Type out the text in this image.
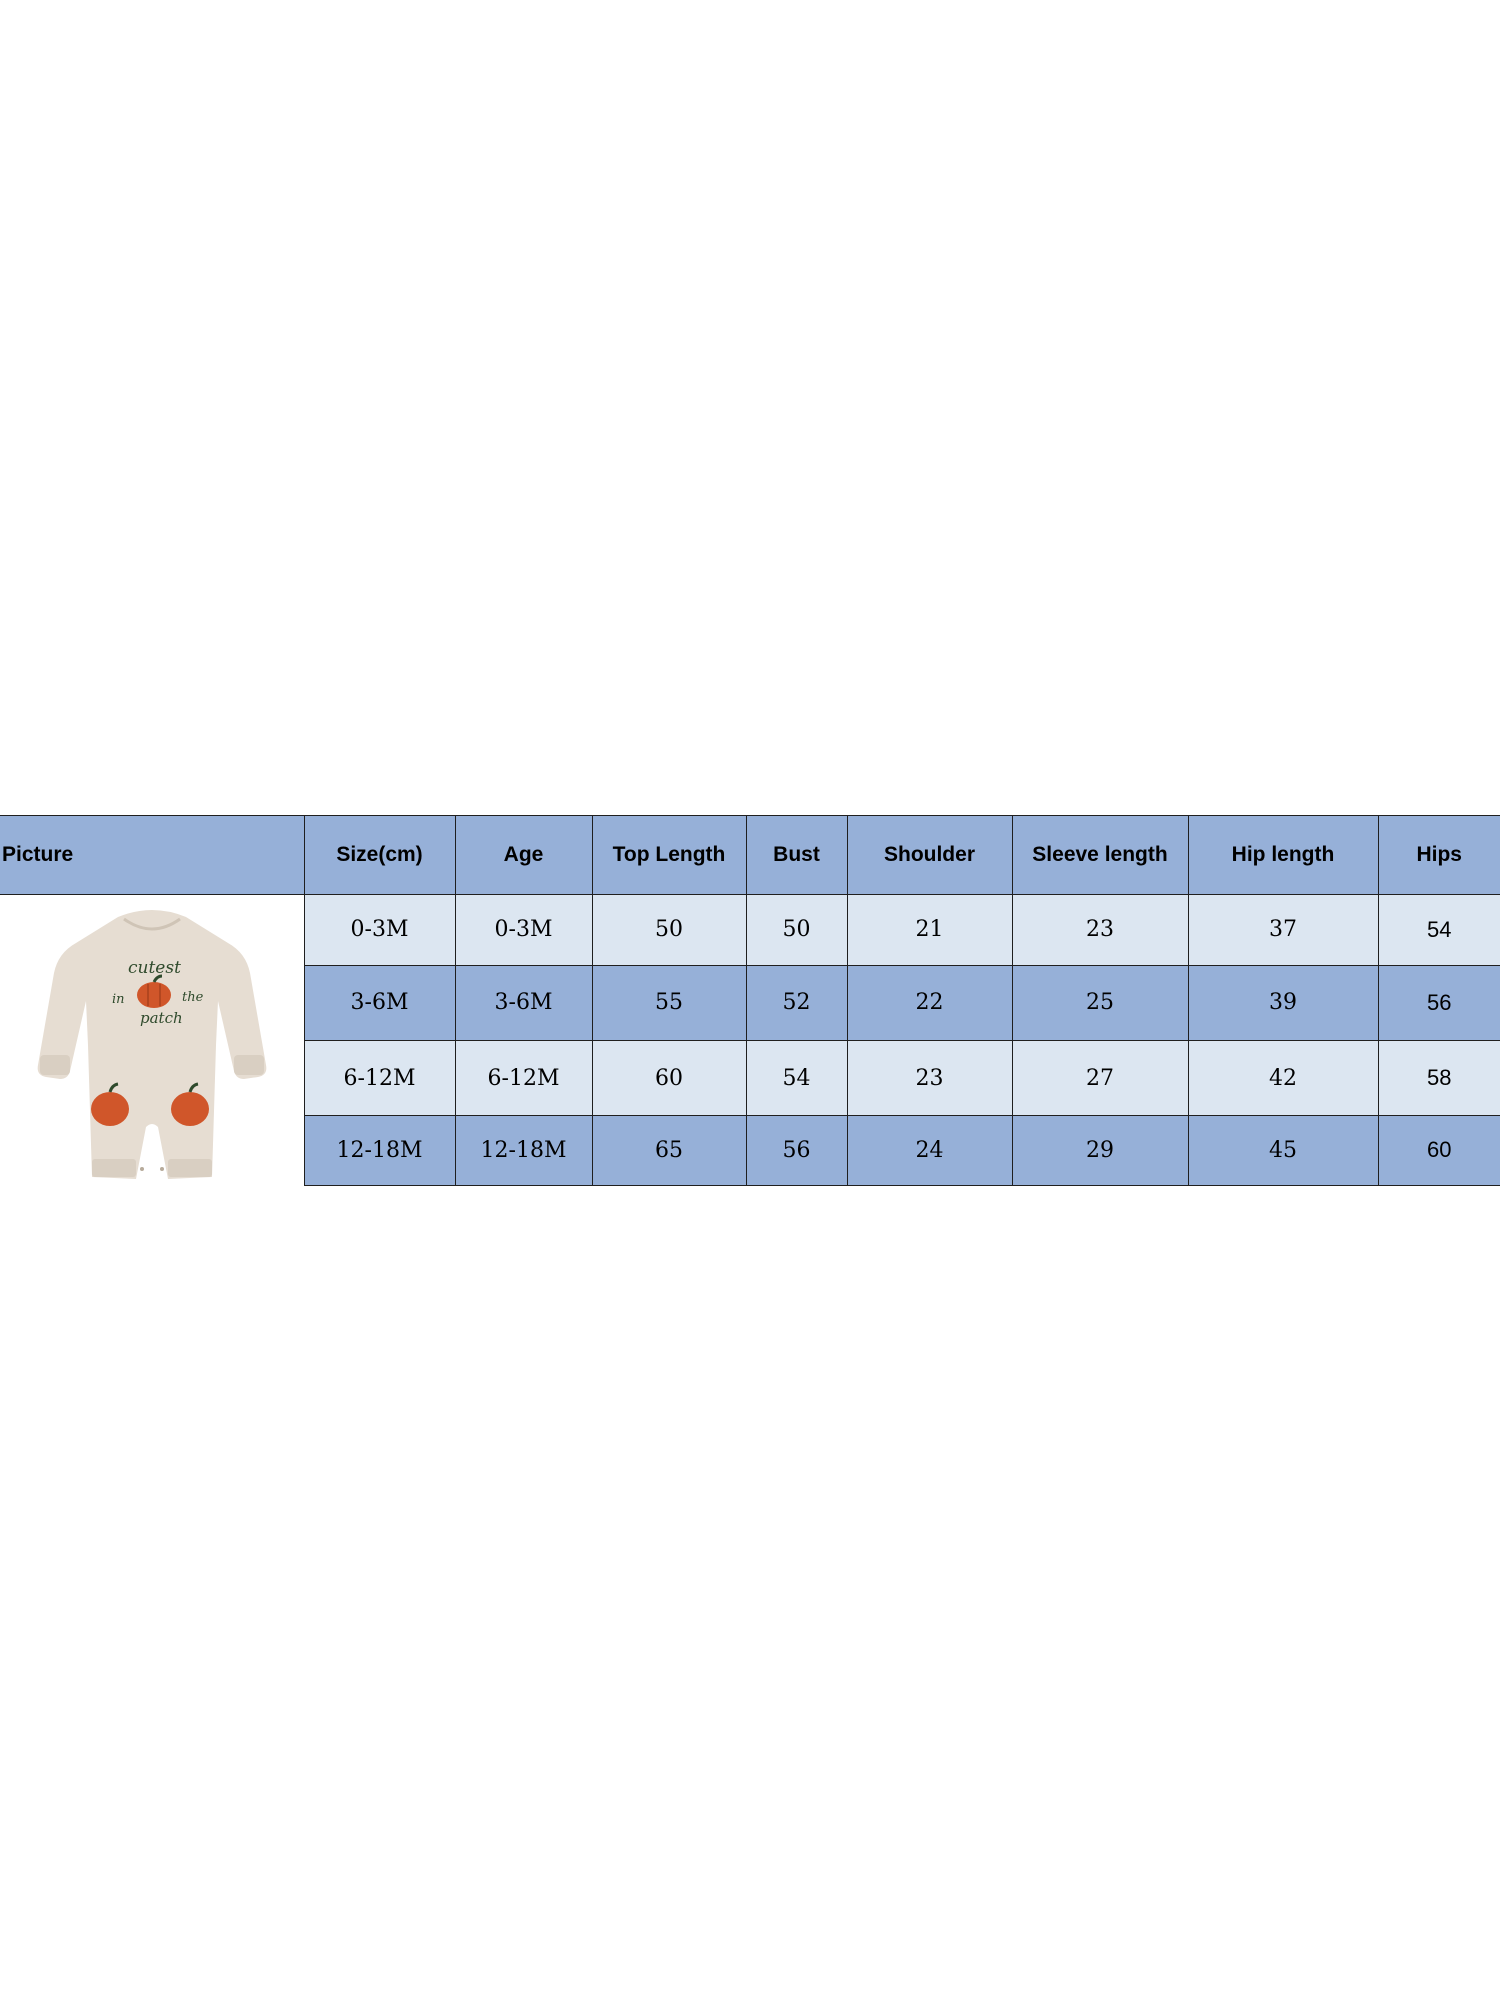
Picture	Size(cm)	Age	Top Length	Bust	Shoulder	Sleeve length	Hip length	Hips

cutest
in the
patch	0-3M	0-3M	50	50	21	23	37	54
	3-6M	3-6M	55	52	22	25	39	56
	6-12M	6-12M	60	54	23	27	42	58
	12-18M	12-18M	65	56	24	29	45	60
